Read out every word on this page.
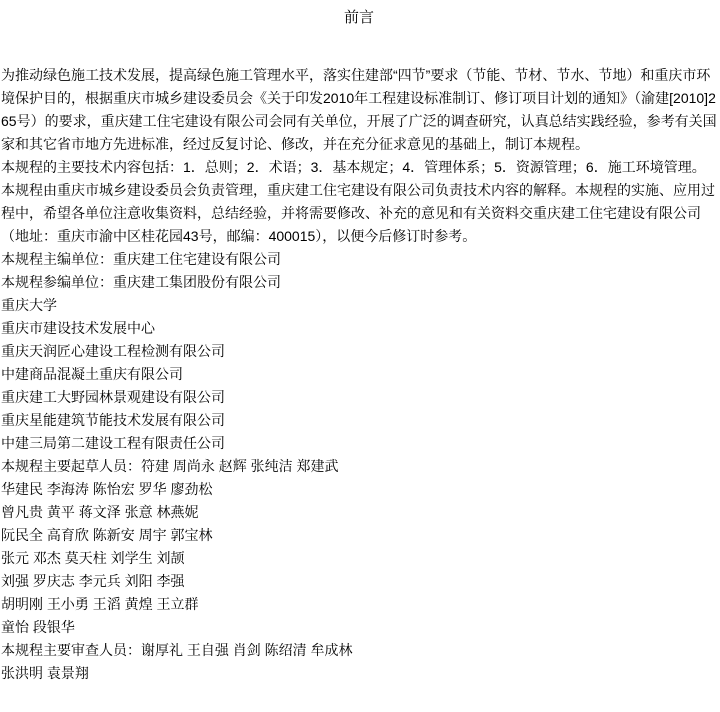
前言

为推动绿色施工技术发展，提高绿色施工管理水平，落实住建部“四节”要求（节能、节材、节水、节地）和重庆市环境保护目的，根据重庆市城乡建设委员会《关于印发2010年工程建设标准制订、修订项目计划的通知》（渝建[2010]265号）的要求，重庆建工住宅建设有限公司会同有关单位，开展了广泛的调查研究，认真总结实践经验，参考有关国家和其它省市地方先进标准，经过反复讨论、修改，并在充分征求意见的基础上，制订本规程。

本规程的主要技术内容包括：1．总则；2．术语；3．基本规定；4．管理体系；5．资源管理；6．施工环境管理。

本规程由重庆市城乡建设委员会负责管理，重庆建工住宅建设有限公司负责技术内容的解释。本规程的实施、应用过程中，希望各单位注意收集资料，总结经验，并将需要修改、补充的意见和有关资料交重庆建工住宅建设有限公司（地址：重庆市渝中区桂花园43号，邮编：400015），以便今后修订时参考。

本规程主编单位：重庆建工住宅建设有限公司

本规程参编单位：重庆建工集团股份有限公司

重庆大学

重庆市建设技术发展中心

重庆天润匠心建设工程检测有限公司

中建商品混凝土重庆有限公司

重庆建工大野园林景观建设有限公司

重庆星能建筑节能技术发展有限公司

中建三局第二建设工程有限责任公司

本规程主要起草人员：符建 周尚永 赵辉 张纯洁 郑建武

华建民 李海涛 陈怡宏 罗华 廖劲松

曾凡贵 黄平 蒋文泽 张意 林燕妮

阮民全 高育欣 陈新安 周宇 郭宝林

张元 邓杰 莫天柱 刘学生 刘颉

刘强 罗庆志 李元兵 刘阳 李强

胡明刚 王小勇 王滔 黄煌 王立群

童怡 段银华

本规程主要审查人员：谢厚礼 王自强 肖剑 陈绍清 牟成林

张洪明 袁景翔
